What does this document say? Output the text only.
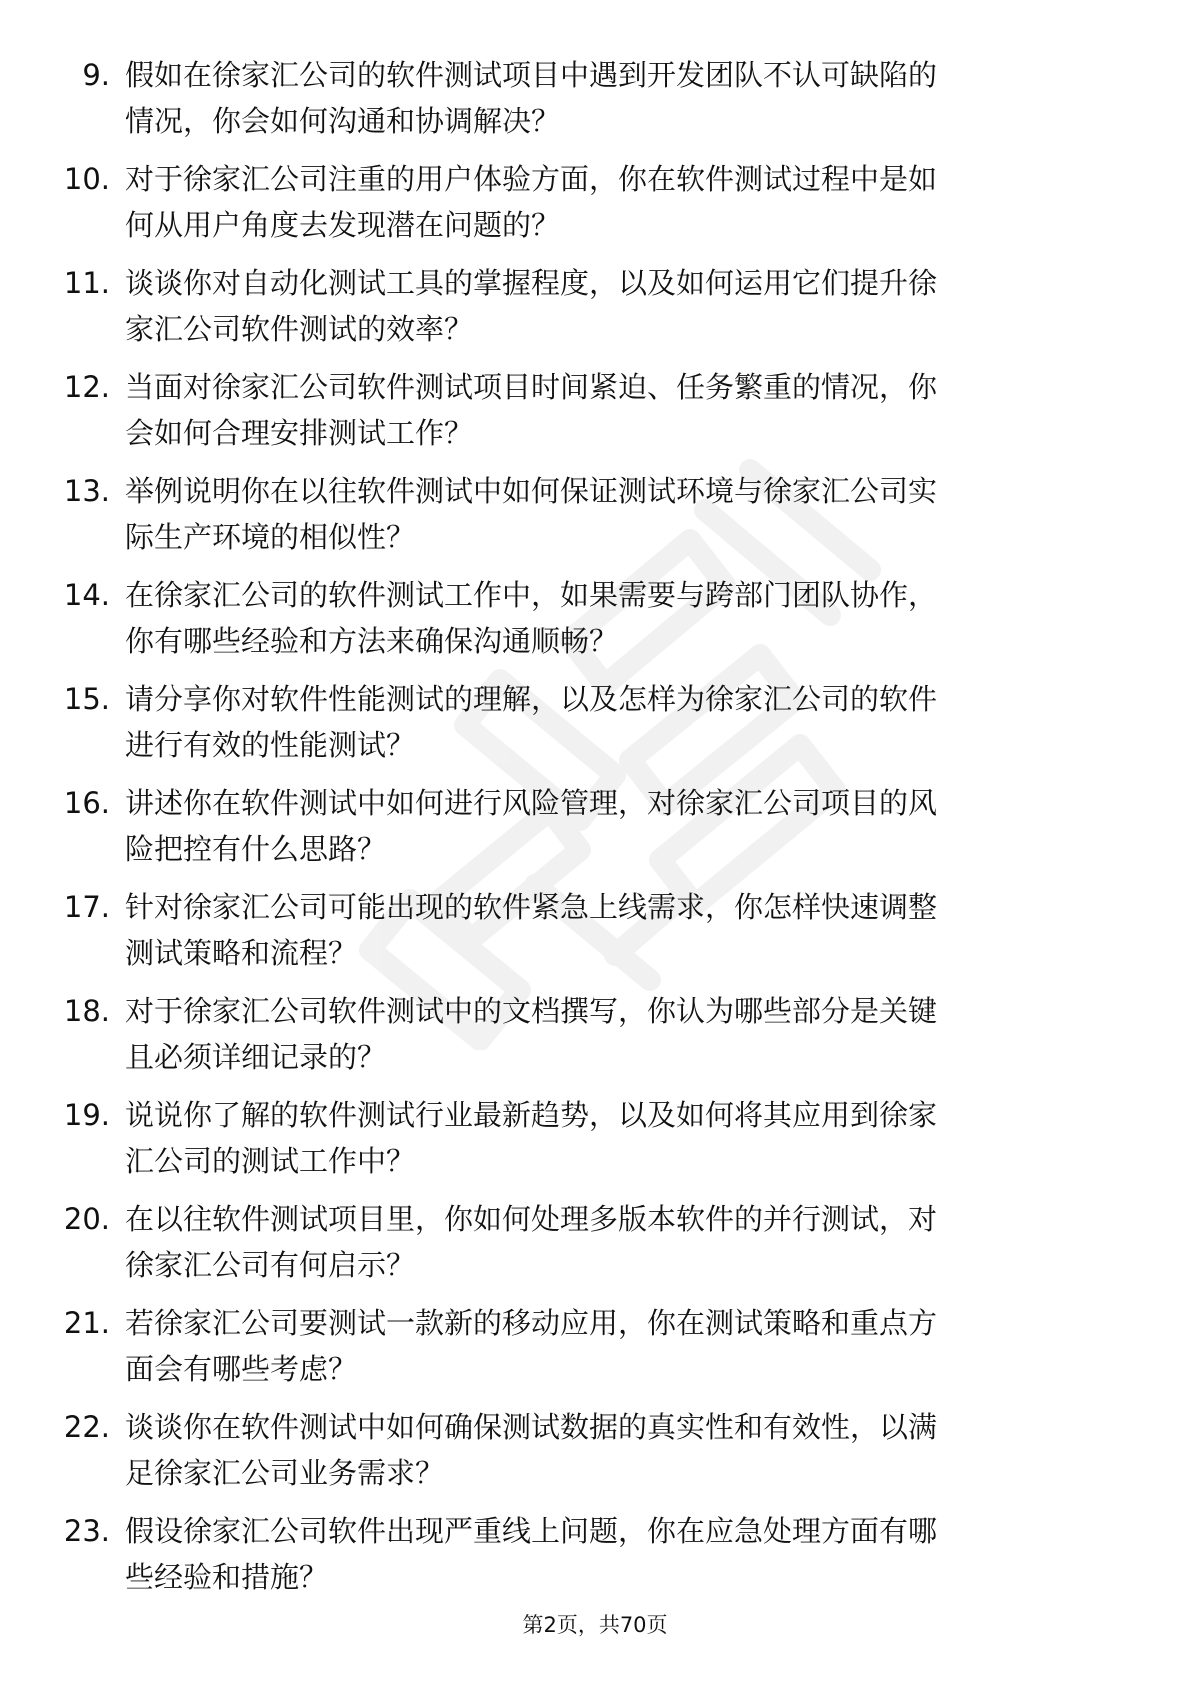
9. 假如在徐家汇公司的软件测试项目中遇到开发团队不认可缺陷的
情况，你会如何沟通和协调解决？
10. 对于徐家汇公司注重的用户体验方面，你在软件测试过程中是如
何从用户角度去发现潜在问题的？
11. 谈谈你对自动化测试工具的掌握程度，以及如何运用它们提升徐
家汇公司软件测试的效率？
12. 当面对徐家汇公司软件测试项目时间紧迫、任务繁重的情况，你
会如何合理安排测试工作？
13. 举例说明你在以往软件测试中如何保证测试环境与徐家汇公司实
际生产环境的相似性？
14. 在徐家汇公司的软件测试工作中，如果需要与跨部门团队协作，
你有哪些经验和方法来确保沟通顺畅？
15. 请分享你对软件性能测试的理解，以及怎样为徐家汇公司的软件
进行有效的性能测试？
16. 讲述你在软件测试中如何进行风险管理，对徐家汇公司项目的风
险把控有什么思路？
17. 针对徐家汇公司可能出现的软件紧急上线需求，你怎样快速调整
测试策略和流程？
18. 对于徐家汇公司软件测试中的文档撰写，你认为哪些部分是关键
且必须详细记录的？
19. 说说你了解的软件测试行业最新趋势，以及如何将其应用到徐家
汇公司的测试工作中？
20. 在以往软件测试项目里，你如何处理多版本软件的并行测试，对
徐家汇公司有何启示？
21. 若徐家汇公司要测试一款新的移动应用，你在测试策略和重点方
面会有哪些考虑？
22. 谈谈你在软件测试中如何确保测试数据的真实性和有效性，以满
足徐家汇公司业务需求？
23. 假设徐家汇公司软件出现严重线上问题，你在应急处理方面有哪
些经验和措施？
第2页，共70页
